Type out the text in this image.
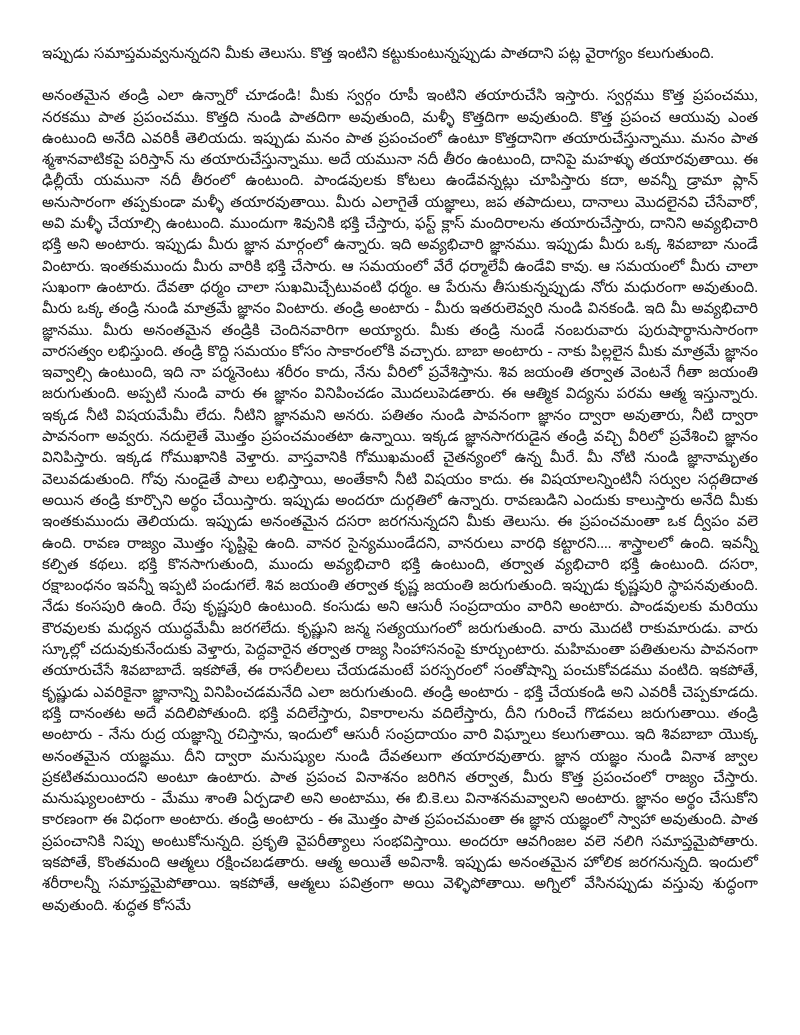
ఇప్పుడు సమాప్తమవ్వనున్నదని మీకు తెలుసు. కొత్త ఇంటిని కట్టుకుంటున్నప్పుడు పాతదాని పట్ల వైరాగ్యం కలుగుతుంది.

అనంతమైన తండ్రి ఎలా ఉన్నారో చూడండి! మీకు స్వర్గం రూపీ ఇంటిని తయారుచేసి ఇస్తారు. స్వర్గము కొత్త ప్రపంచము, నరకము పాత ప్రపంచము. కొత్తది నుండి పాతదిగా అవుతుంది, మళ్ళీ కొత్తదిగా అవుతుంది. కొత్త ప్రపంచ ఆయువు ఎంత ఉంటుంది అనేది ఎవరికీ తెలియదు. ఇప్పుడు మనం పాత ప్రపంచంలో ఉంటూ కొత్తదానిగా తయారుచేస్తున్నాము. మనం పాత శ్మశానవాటికపై పరిస్తాన్ ను తయారుచేస్తున్నాము. అదే యమునా నదీ తీరం ఉంటుంది, దానిపై మహళ్ళు తయారవుతాయి. ఈ ఢిల్లీయే యమునా నదీ తీరంలో ఉంటుంది. పాండవులకు కోటలు ఉండేవన్నట్లు చూపిస్తారు కదా, అవన్నీ డ్రామా ప్లాన్ అనుసారంగా తప్పకుండా మళ్ళీ తయారవుతాయి. మీరు ఎలాగైతే యజ్ఞాలు, జప తపాదులు, దానాలు మొదలైనవి చేసేవారో, అవి మళ్ళీ చేయాల్సి ఉంటుంది. ముందుగా శివునికి భక్తి చేస్తారు, ఫస్ట్ క్లాస్ మందిరాలను తయారుచేస్తారు, దానిని అవ్యభిచారి భక్తి అని అంటారు. ఇప్పుడు మీరు జ్ఞాన మార్గంలో ఉన్నారు. ఇది అవ్యభిచారి జ్ఞానము. ఇప్పుడు మీరు ఒక్క శివబాబా నుండే వింటారు. ఇంతకుముందు మీరు వారికి భక్తి చేసారు. ఆ సమయంలో వేరే ధర్మాలేవీ ఉండేవి కావు. ఆ సమయంలో మీరు చాలా సుఖంగా ఉంటారు. దేవతా ధర్మం చాలా సుఖమిచ్చేటువంటి ధర్మం. ఆ పేరును తీసుకున్నప్పుడు నోరు మధురంగా అవుతుంది. మీరు ఒక్క తండ్రి నుండి మాత్రమే జ్ఞానం వింటారు. తండ్రి అంటారు - మీరు ఇతరులెవ్వరి నుండి వినకండి. ఇది మీ అవ్యభిచారి జ్ఞానము. మీరు అనంతమైన తండ్రికి చెందినవారిగా అయ్యారు. మీకు తండ్రి నుండే నంబరువారు పురుషార్థానుసారంగా వారసత్వం లభిస్తుంది. తండ్రి కొద్ది సమయం కోసం సాకారంలోకి వచ్చారు. బాబా అంటారు - నాకు పిల్లలైన మీకు మాత్రమే జ్ఞానం ఇవ్వాల్సి ఉంటుంది, ఇది నా పర్మనెంటు శరీరం కాదు, నేను వీరిలో ప్రవేశిస్తాను. శివ జయంతి తర్వాత వెంటనే గీతా జయంతి జరుగుతుంది. అప్పటి నుండి వారు ఈ జ్ఞానం వినిపించడం మొదలుపెడతారు. ఈ ఆత్మిక విద్యను పరమ ఆత్మ ఇస్తున్నారు. ఇక్కడ నీటి విషయమేమీ లేదు. నీటిని జ్ఞానమని అనరు. పతితం నుండి పావనంగా జ్ఞానం ద్వారా అవుతారు, నీటి ద్వారా పావనంగా అవ్వరు. నదులైతే మొత్తం ప్రపంచమంతటా ఉన్నాయి. ఇక్కడ జ్ఞానసాగరుడైన తండ్రి వచ్చి వీరిలో ప్రవేశించి జ్ఞానం వినిపిస్తారు. ఇక్కడ గోముఖానికి వెళ్తారు. వాస్తవానికి గోముఖమంటే చైతన్యంలో ఉన్న మీరే. మీ నోటి నుండి జ్ఞానామృతం వెలువడుతుంది. గోవు నుండైతే పాలు లభిస్తాయి, అంతేకానీ నీటి విషయం కాదు. ఈ విషయాలన్నింటినీ సర్వుల సద్గతిదాత అయిన తండ్రి కూర్చొని అర్థం చేయిస్తారు. ఇప్పుడు అందరూ దుర్గతిలో ఉన్నారు. రావణుడిని ఎందుకు కాలుస్తారు అనేది మీకు ఇంతకుముందు తెలియదు. ఇప్పుడు అనంతమైన దసరా జరగనున్నదని మీకు తెలుసు. ఈ ప్రపంచమంతా ఒక ద్వీపం వలె ఉంది. రావణ రాజ్యం మొత్తం సృష్టిపై ఉంది. వానర సైన్యముండేదని, వానరులు వారధి కట్టారని.... శాస్త్రాలలో ఉంది. ఇవన్నీ కల్పిత కథలు. భక్తి కొనసాగుతుంది, ముందు అవ్యభిచారి భక్తి ఉంటుంది, తర్వాత వ్యభిచారి భక్తి ఉంటుంది. దసరా, రక్షాబంధనం ఇవన్నీ ఇప్పటి పండుగలే. శివ జయంతి తర్వాత కృష్ణ జయంతి జరుగుతుంది. ఇప్పుడు కృష్ణపురి స్థాపనవుతుంది. నేడు కంసపురి ఉంది. రేపు కృష్ణపురి ఉంటుంది. కంసుడు అని ఆసురీ సంప్రదాయం వారిని అంటారు. పాండవులకు మరియు కౌరవులకు మధ్యన యుద్ధమేమీ జరగలేదు. కృష్ణుని జన్మ సత్యయుగంలో జరుగుతుంది. వారు మొదటి రాకుమారుడు. వారు స్కూల్లో చదువుకునేందుకు వెళ్తారు, పెద్దవారైన తర్వాత రాజ్య సింహాసనంపై కూర్చుంటారు. మహిమంతా పతితులను పావనంగా తయారుచేసే శివబాబాదే. ఇకపోతే, ఈ రాసలీలలు చేయడమంటే పరస్పరంలో సంతోషాన్ని పంచుకోవడము వంటిది. ఇకపోతే, కృష్ణుడు ఎవరికైనా జ్ఞానాన్ని వినిపించడమనేది ఎలా జరుగుతుంది. తండ్రి అంటారు - భక్తి చేయకండి అని ఎవరికీ చెప్పకూడదు. భక్తి దానంతట అదే వదిలిపోతుంది. భక్తి వదిలేస్తారు, వికారాలను వదిలేస్తారు, దీని గురించే గొడవలు జరుగుతాయి. తండ్రి అంటారు - నేను రుద్ర యజ్ఞాన్ని రచిస్తాను, ఇందులో ఆసురీ సంప్రదాయం వారి విఘ్నాలు కలుగుతాయి. ఇది శివబాబా యొక్క అనంతమైన యజ్ఞము. దీని ద్వారా మనుష్యుల నుండి దేవతలుగా తయారవుతారు. జ్ఞాన యజ్ఞం నుండి వినాశ జ్వాల ప్రకటితమయిందని అంటూ ఉంటారు. పాత ప్రపంచ వినాశనం జరిగిన తర్వాత, మీరు కొత్త ప్రపంచంలో రాజ్యం చేస్తారు. మనుష్యులంటారు - మేము శాంతి ఏర్పడాలి అని అంటాము, ఈ బి.కె.లు వినాశనమవ్వాలని అంటారు. జ్ఞానం అర్థం చేసుకోని కారణంగా ఈ విధంగా అంటారు. తండ్రి అంటారు - ఈ మొత్తం పాత ప్రపంచమంతా ఈ జ్ఞాన యజ్ఞంలో స్వాహా అవుతుంది. పాత ప్రపంచానికి నిప్పు అంటుకోనున్నది. ప్రకృతి వైపరీత్యాలు సంభవిస్తాయి. అందరూ ఆవగింజల వలె నలిగి సమాప్తమైపోతారు. ఇకపోతే, కొంతమంది ఆత్మలు రక్షించబడతారు. ఆత్మ అయితే అవినాశీ. ఇప్పుడు అనంతమైన హోలిక జరగనున్నది. ఇందులో శరీరాలన్నీ సమాప్తమైపోతాయి. ఇకపోతే, ఆత్మలు పవిత్రంగా అయి వెళ్ళిపోతాయి. అగ్నిలో వేసినప్పుడు వస్తువు శుద్ధంగా అవుతుంది. శుద్ధత కోసమే
